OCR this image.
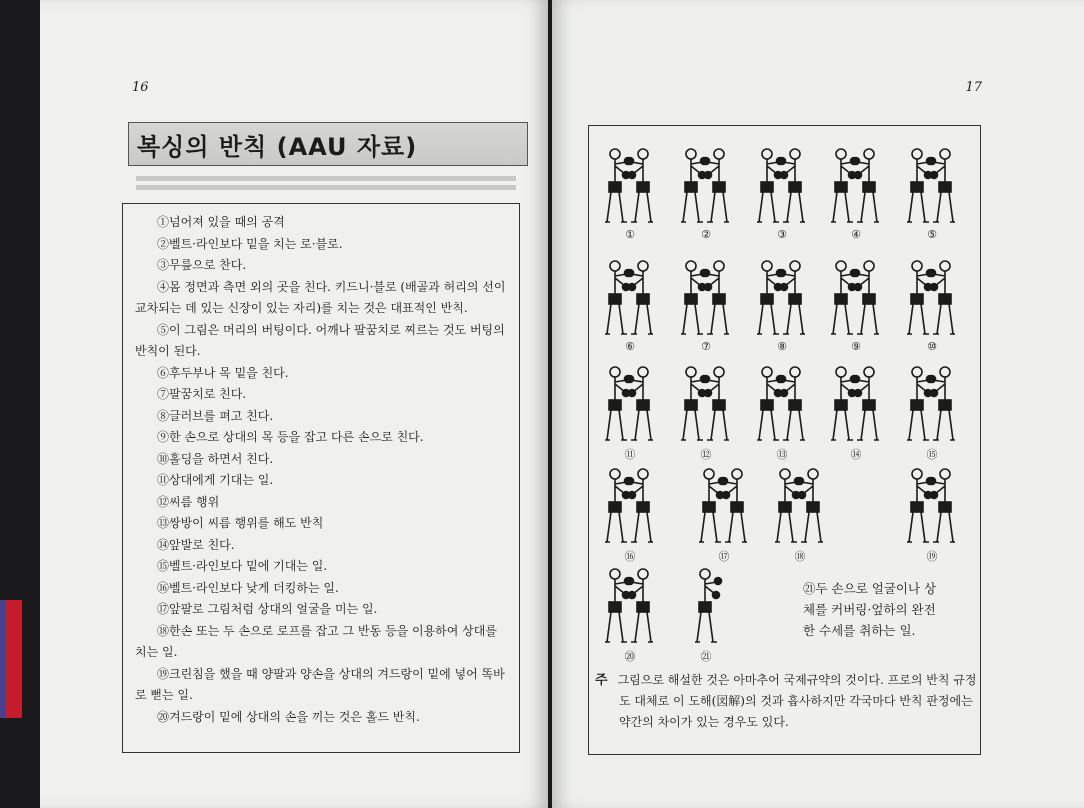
16
복싱의 반칙 (AAU 자료)
①넘어져 있을 때의 공격
②벨트·라인보다 밑을 치는 로·블로.
③무릎으로 찬다.
④몸 정면과 측면 외의 곳을 친다. 키드니·블로 (배골과 허리의 선이 교차되는 데 있는 신장이 있는 자리)를 치는 것은 대표적인 반칙.
⑤이 그림은 머리의 버팅이다. 어깨나 팔꿈치로 찌르는 것도 버팅의 반칙이 된다.
⑥후두부나 목 밑을 친다.
⑦팔꿈치로 친다.
⑧글러브를 펴고 친다.
⑨한 손으로 상대의 목 등을 잡고 다른 손으로 친다.
⑩홀딩을 하면서 친다.
⑪상대에게 기대는 일.
⑫씨름 행위
⑬쌍방이 씨름 행위를 해도 반칙
⑭앞발로 친다.
⑮벨트·라인보다 밑에 기대는 일.
⑯벨트·라인보다 낮게 더킹하는 일.
⑰앞팔로 그림처럼 상대의 얼굴을 미는 일.
⑱한손 또는 두 손으로 로프를 잡고 그 반동 등을 이용하여 상대를 치는 일.
⑲크린침을 했을 때 양팔과 양손을 상대의 겨드랑이 밑에 넣어 똑바로 뻗는 일.
⑳겨드랑이 밑에 상대의 손을 끼는 것은 홀드 반칙.
17
㉑두 손으로 얼굴이나 상체를 커버링·엎하의 완전한 수세를 취하는 일.
주 그림으로 해설한 것은 아마추어 국제규약의 것이다. 프로의 반칙 규정도 대체로 이 도해(図解)의 것과 흡사하지만 각국마다 반칙 판정에는 약간의 차이가 있는 경우도 있다.
①	②	③	④	⑤
⑥	⑦	⑧	⑨	⑩
⑪	⑫	⑬	⑭	⑮
⑯	⑰	⑱	⑲
⑳	㉑
